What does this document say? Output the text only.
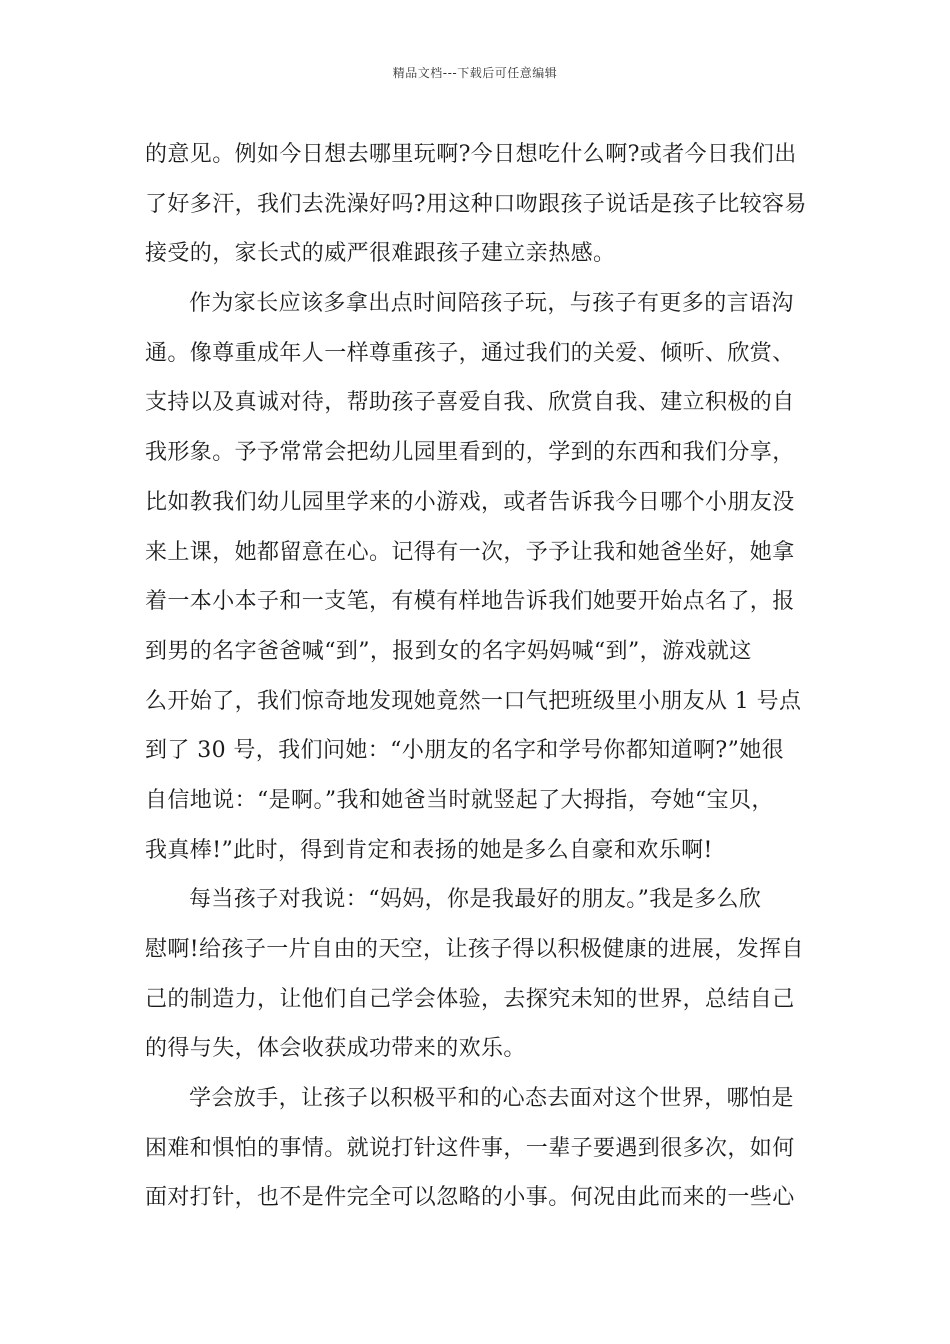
精品文档---下载后可任意编辑
的意见。例如今日想去哪里玩啊?今日想吃什么啊?或者今日我们出
了好多汗，我们去洗澡好吗?用这种口吻跟孩子说话是孩子比较容易
接受的，家长式的威严很难跟孩子建立亲热感。
作为家长应该多拿出点时间陪孩子玩，与孩子有更多的言语沟
通。像尊重成年人一样尊重孩子，通过我们的关爱、倾听、欣赏、
支持以及真诚对待，帮助孩子喜爱自我、欣赏自我、建立积极的自
我形象。予予常常会把幼儿园里看到的，学到的东西和我们分享，
比如教我们幼儿园里学来的小游戏，或者告诉我今日哪个小朋友没
来上课，她都留意在心。记得有一次，予予让我和她爸坐好，她拿
着一本小本子和一支笔，有模有样地告诉我们她要开始点名了，报
到男的名字爸爸喊“到”，报到女的名字妈妈喊“到”，游戏就这
么开始了，我们惊奇地发现她竟然一口气把班级里小朋友从 1 号点
到了 30 号，我们问她：“小朋友的名字和学号你都知道啊?”她很
自信地说：“是啊。”我和她爸当时就竖起了大拇指，夸她“宝贝，
我真棒!”此时，得到肯定和表扬的她是多么自豪和欢乐啊!
每当孩子对我说：“妈妈，你是我最好的朋友。”我是多么欣
慰啊!给孩子一片自由的天空，让孩子得以积极健康的进展，发挥自
己的制造力，让他们自己学会体验，去探究未知的世界，总结自己
的得与失，体会收获成功带来的欢乐。
学会放手，让孩子以积极平和的心态去面对这个世界，哪怕是
困难和惧怕的事情。就说打针这件事，一辈子要遇到很多次，如何
面对打针，也不是件完全可以忽略的小事。何况由此而来的一些心
